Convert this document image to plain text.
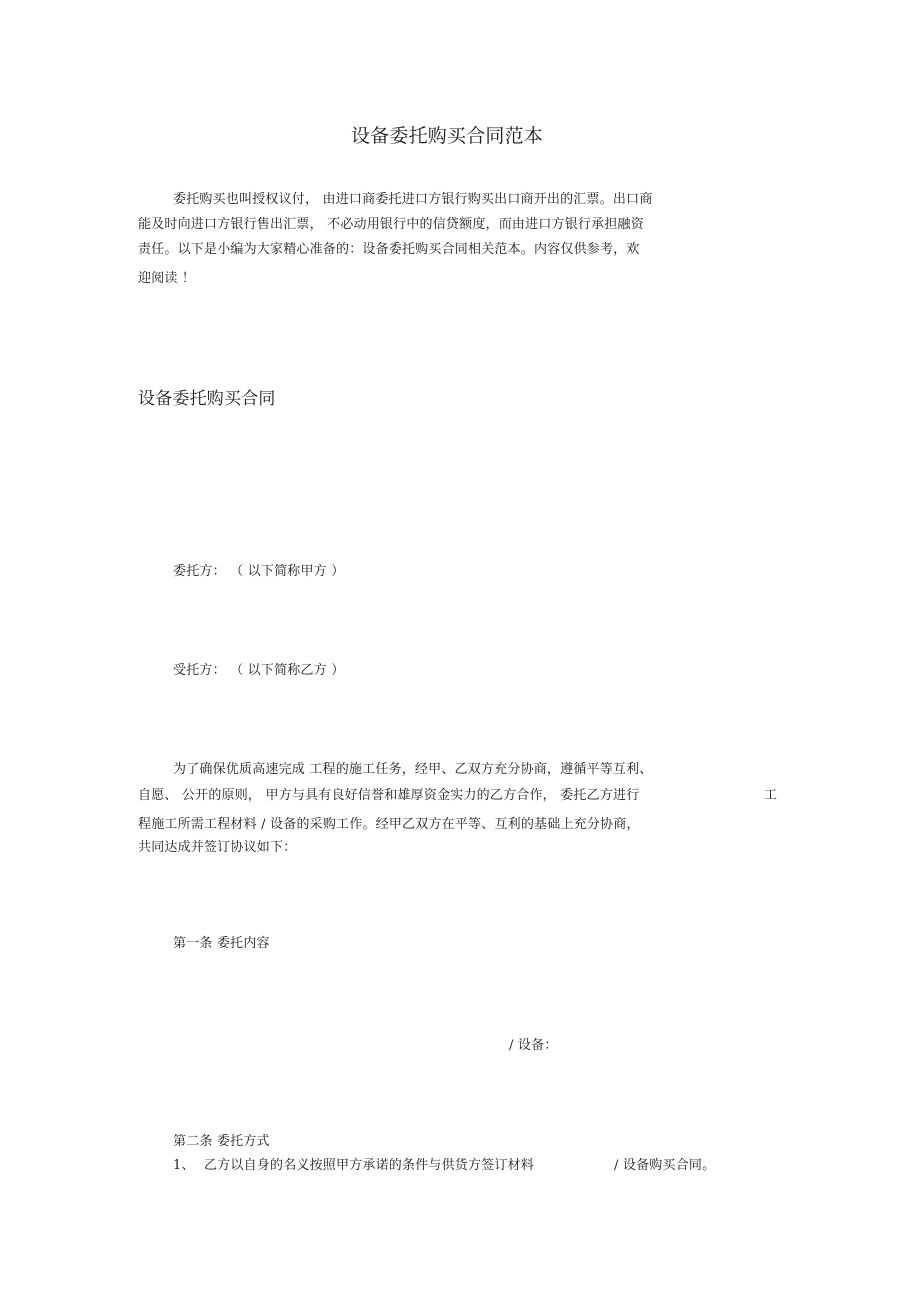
设备委托购买合同范本
委托购买也叫授权议付， 由进口商委托进口方银行购买出口商开出的汇票。出口商
能及时向进口方银行售出汇票， 不必动用银行中的信贷额度，而由进口方银行承担融资
责任。以下是小编为大家精心准备的：设备委托购买合同相关范本。内容仅供参考，欢
迎阅读 ！
设备委托购买合同
委托方： （ 以下简称甲方 ）
受托方： （ 以下简称乙方 ）
为了确保优质高速完成 工程的施工任务，经甲、乙双方充分协商，遵循平等互利、
自愿、 公开的原则， 甲方与具有良好信誉和雄厚资金实力的乙方合作， 委托乙方进行	工
程施工所需工程材料 / 设备的采购工作。经甲乙双方在平等、互利的基础上充分协商，
共同达成并签订协议如下：
第一条 委托内容
/ 设备：
第二条 委托方式
1、 乙方以自身的名义按照甲方承诺的条件与供货方签订材料	/ 设备购买合同。
